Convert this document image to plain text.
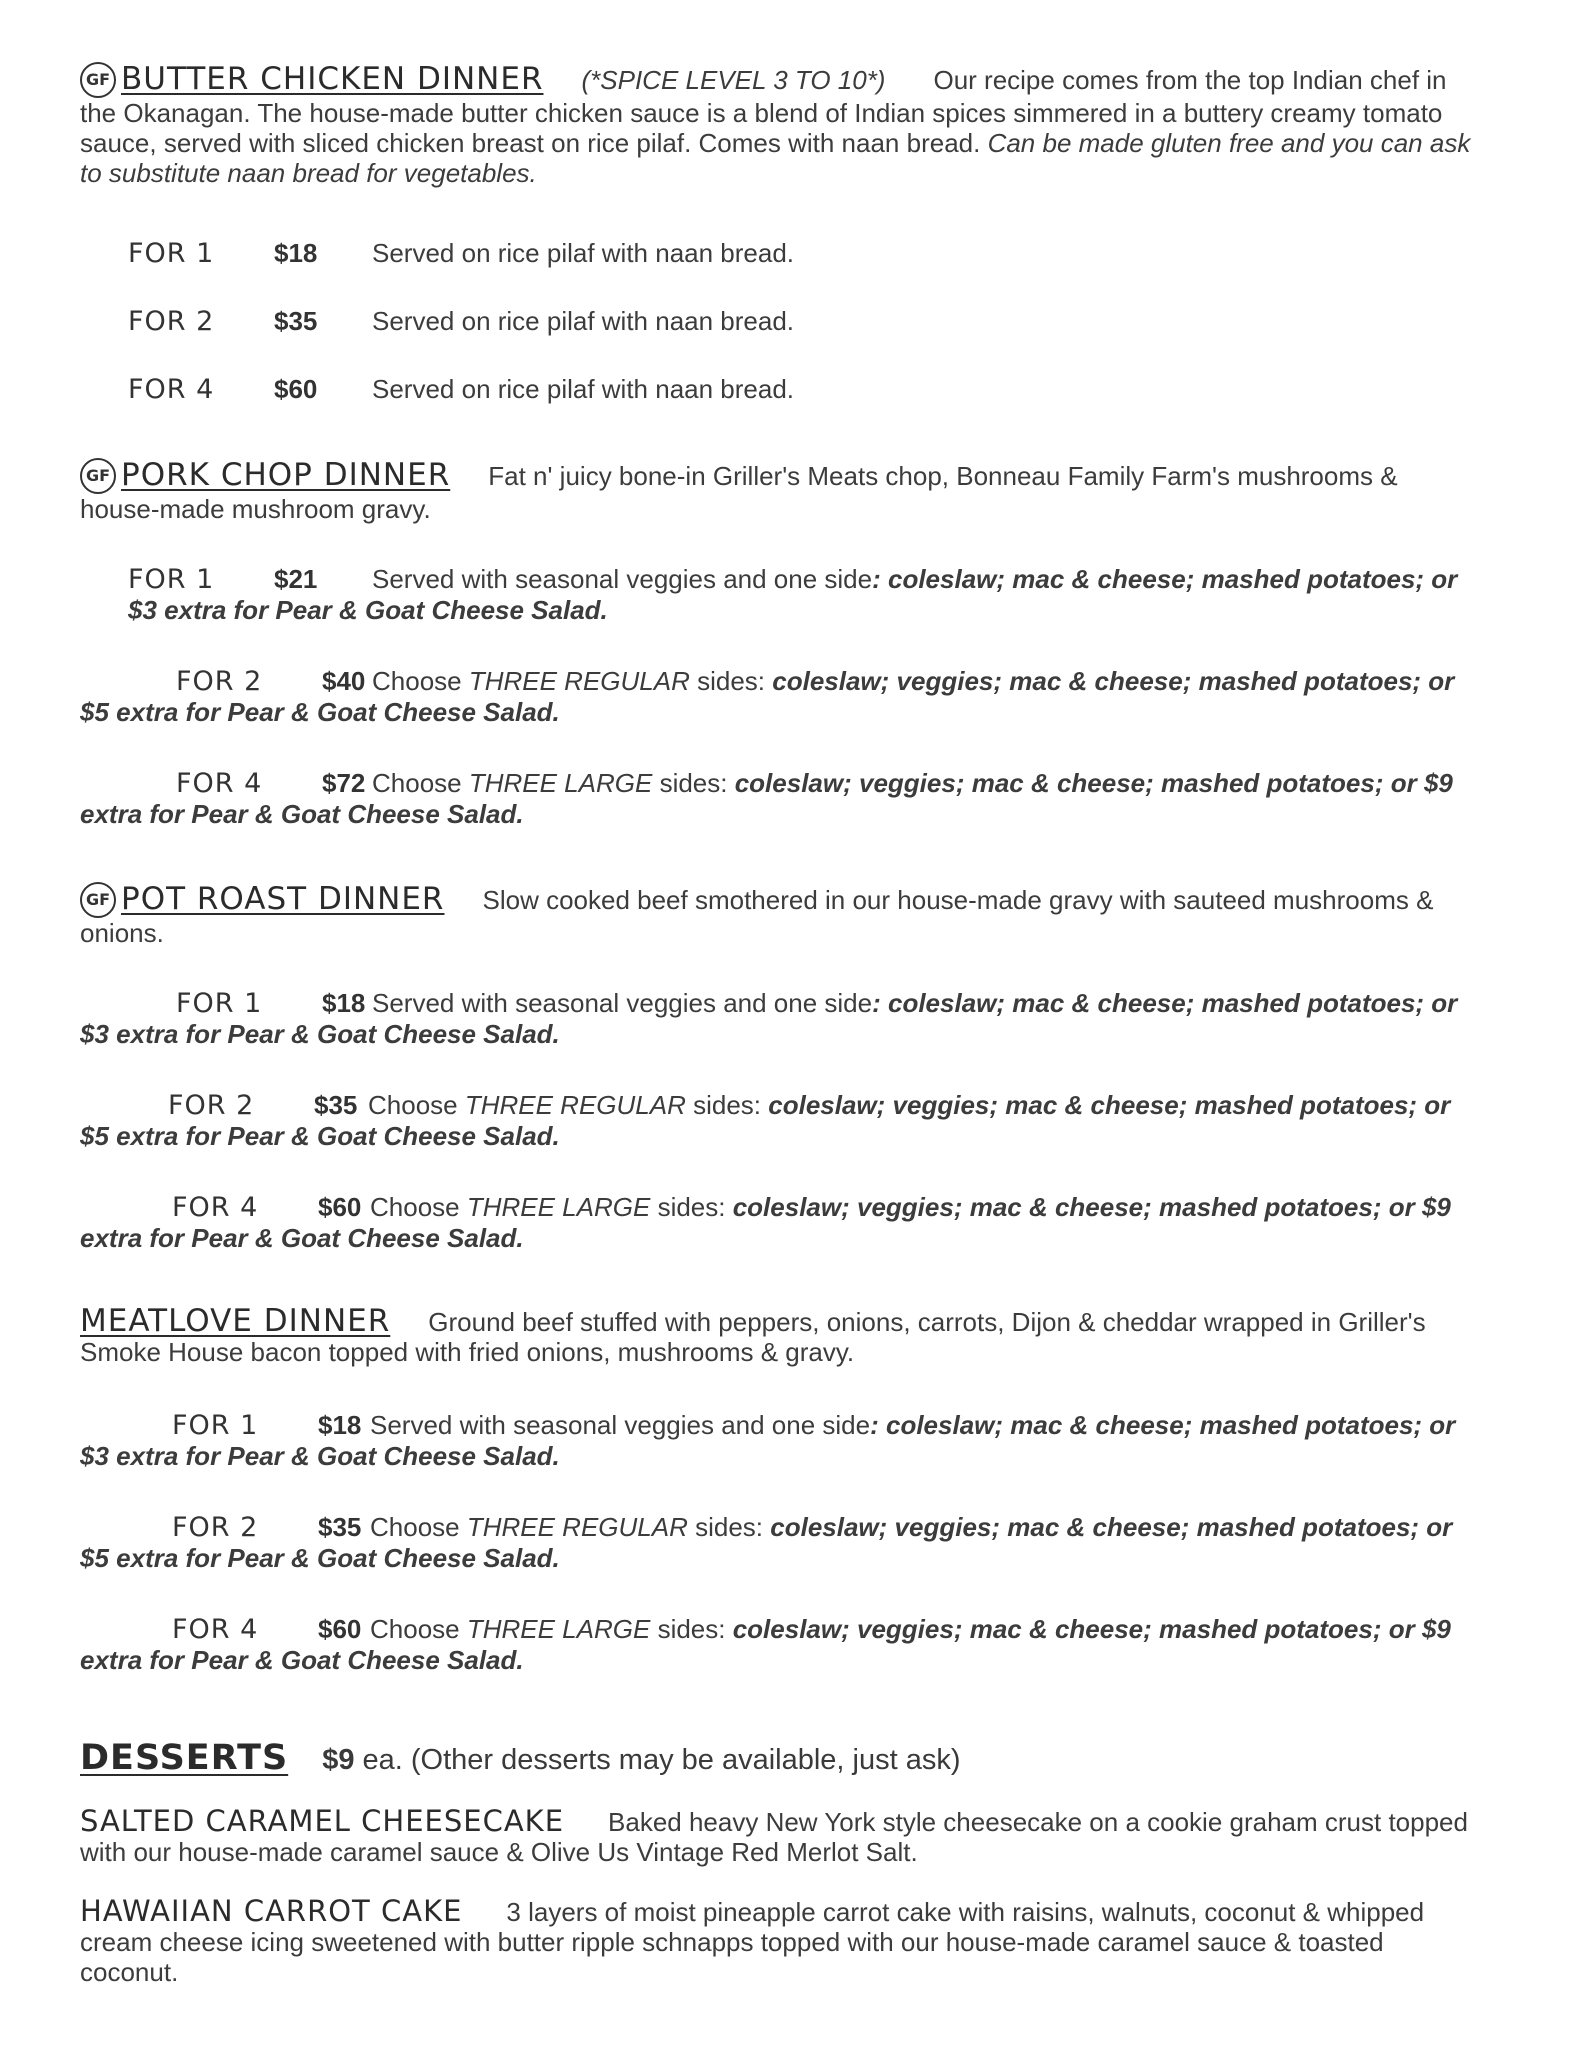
GF BUTTER CHICKEN DINNER (*SPICE LEVEL 3 TO 10*) Our recipe comes from the top Indian chef in the Okanagan. The house-made butter chicken sauce is a blend of Indian spices simmered in a buttery creamy tomato sauce, served with sliced chicken breast on rice pilaf. Comes with naan bread. Can be made gluten free and you can ask to substitute naan bread for vegetables.
FOR 1 $18 Served on rice pilaf with naan bread.
FOR 2 $35 Served on rice pilaf with naan bread.
FOR 4 $60 Served on rice pilaf with naan bread.
GF PORK CHOP DINNER Fat n' juicy bone-in Griller's Meats chop, Bonneau Family Farm's mushrooms & house-made mushroom gravy.
FOR 1 $21 Served with seasonal veggies and one side: coleslaw; mac & cheese; mashed potatoes; or $3 extra for Pear & Goat Cheese Salad.
FOR 2 $40 Choose THREE REGULAR sides: coleslaw; veggies; mac & cheese; mashed potatoes; or $5 extra for Pear & Goat Cheese Salad.
FOR 4 $72 Choose THREE LARGE sides: coleslaw; veggies; mac & cheese; mashed potatoes; or $9 extra for Pear & Goat Cheese Salad.
GF POT ROAST DINNER Slow cooked beef smothered in our house-made gravy with sauteed mushrooms & onions.
FOR 1 $18 Served with seasonal veggies and one side: coleslaw; mac & cheese; mashed potatoes; or $3 extra for Pear & Goat Cheese Salad.
FOR 2 $35 Choose THREE REGULAR sides: coleslaw; veggies; mac & cheese; mashed potatoes; or $5 extra for Pear & Goat Cheese Salad.
FOR 4 $60 Choose THREE LARGE sides: coleslaw; veggies; mac & cheese; mashed potatoes; or $9 extra for Pear & Goat Cheese Salad.
MEATLOVE DINNER Ground beef stuffed with peppers, onions, carrots, Dijon & cheddar wrapped in Griller's Smoke House bacon topped with fried onions, mushrooms & gravy.
FOR 1 $18 Served with seasonal veggies and one side: coleslaw; mac & cheese; mashed potatoes; or $3 extra for Pear & Goat Cheese Salad.
FOR 2 $35 Choose THREE REGULAR sides: coleslaw; veggies; mac & cheese; mashed potatoes; or $5 extra for Pear & Goat Cheese Salad.
FOR 4 $60 Choose THREE LARGE sides: coleslaw; veggies; mac & cheese; mashed potatoes; or $9 extra for Pear & Goat Cheese Salad.
DESSERTS $9 ea. (Other desserts may be available, just ask)
SALTED CARAMEL CHEESECAKE Baked heavy New York style cheesecake on a cookie graham crust topped with our house-made caramel sauce & Olive Us Vintage Red Merlot Salt.
HAWAIIAN CARROT CAKE 3 layers of moist pineapple carrot cake with raisins, walnuts, coconut & whipped cream cheese icing sweetened with butter ripple schnapps topped with our house-made caramel sauce & toasted coconut.
